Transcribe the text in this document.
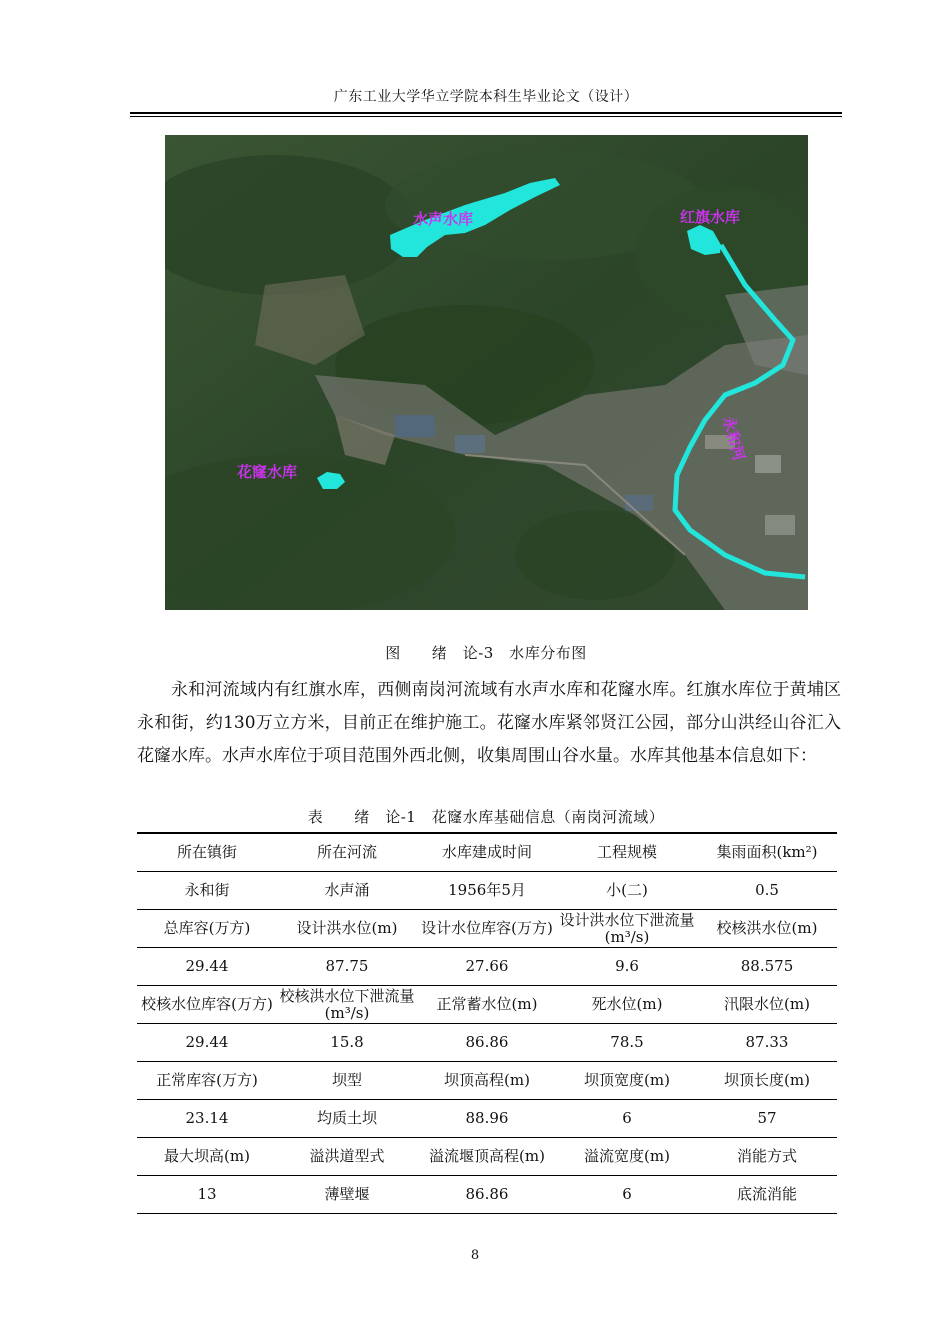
广东工业大学华立学院本科生毕业论文（设计）
水声水库	红旗水库
花窿水库
永和河
图　　绪　论-3　水库分布图

永和河流域内有红旗水库，西侧南岗河流域有水声水库和花窿水库。红旗水库位于黄埔区永和街，约130万立方米，目前正在维护施工。花窿水库紧邻贤江公园，部分山洪经山谷汇入花窿水库。水声水库位于项目范围外西北侧，收集周围山谷水量。水库其他基本信息如下：

表　　绪　论-1　花窿水库基础信息（南岗河流域）
所在镇街	所在河流	水库建成时间	工程规模	集雨面积(km²)
永和街	水声涌	1956年5月	小(二)	0.5
总库容(万方)	设计洪水位(m)	设计水位库容(万方)	设计洪水位下泄流量(m³/s)	校核洪水位(m)
29.44	87.75	27.66	9.6	88.575
校核水位库容(万方)	校核洪水位下泄流量(m³/s)	正常蓄水位(m)	死水位(m)	汛限水位(m)
29.44	15.8	86.86	78.5	87.33
正常库容(万方)	坝型	坝顶高程(m)	坝顶宽度(m)	坝顶长度(m)
23.14	均质土坝	88.96	6	57
最大坝高(m)	溢洪道型式	溢流堰顶高程(m)	溢流宽度(m)	消能方式
13	薄壁堰	86.86	6	底流消能
8
